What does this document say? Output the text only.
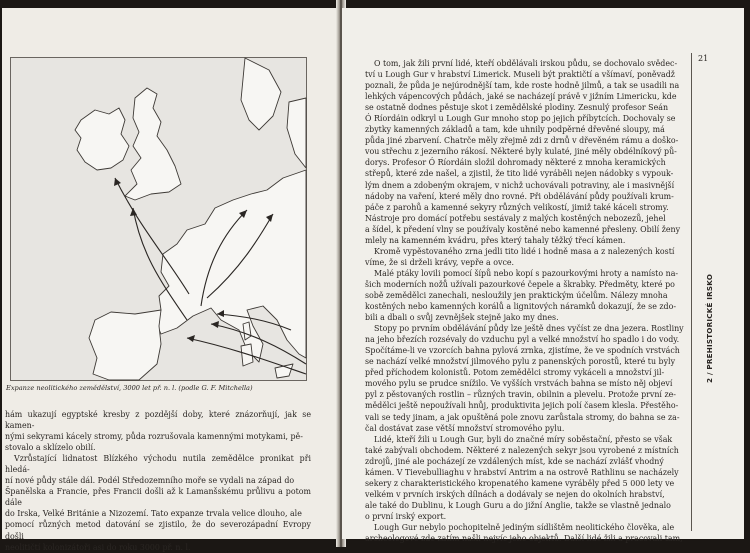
Expanze neolitického zemědělství, 3000 let př. n. l. (podle G. F. Mitchella)

hám ukazují egyptské kresby z pozdější doby, které znázorňují, jak se kamen-

nými sekyrami kácely stromy, půda rozrušovala kamennými motykami, pě-

stovalo a sklízelo obilí.

Vzrůstající lidnatost Blízkého východu nutila zemědělce pronikat při hledá-

ní nové půdy stále dál. Podél Středozemního moře se vydali na západ do

Španělska a Francie, přes Francii došli až k Lamanšskému průlivu a potom dále

do Irska, Velké Británie a Nizozemí. Tato expanze trvala velice dlouho, ale

pomocí různých metod datování se zjistilo, že do severozápadní Evropy došli

neolitičtí kolonizátoři asi do roku 3000 př. n. l.

O tom, jak žili první lidé, kteří obdělávali irskou půdu, se dochovalo svědec-

tví u Lough Gur v hrabství Limerick. Museli být praktičtí a všímaví, poněvadž

poznali, že půda je nejúrodnější tam, kde roste hodně jilmů, a tak se usadili na

lehkých vápencových půdách, jaké se nacházejí právě v jižním Limericku, kde

se ostatně dodnes pěstuje skot i zemědělské plodiny. Zesnulý profesor Seán

Ó Ríordáin odkryl u Lough Gur mnoho stop po jejich příbytcích. Dochovaly se

zbytky kamenných základů a tam, kde uhnily podpěrné dřevěné sloupy, má

půda jiné zbarvení. Chatrče měly zřejmě zdi z drnů v dřevěném rámu a doško-

vou střechu z jezerního rákosí. Některé byly kulaté, jiné měly obdélníkový pů-

dorys. Profesor Ó Ríordáin složil dohromady některé z mnoha keramických

střepů, které zde našel, a zjistil, že tito lidé vyráběli nejen nádobky s vypouk-

lým dnem a zdobeným okrajem, v nichž uchovávali potraviny, ale i masivnější

nádoby na vaření, které měly dno rovné. Při obdělávání půdy používali krum-

páče z parohů a kamenné sekyry různých velikostí, jimiž také káceli stromy.

Nástroje pro domácí potřebu sestávaly z malých kostěných nebozezů, jehel

a šídel, k předení vlny se používaly kostěné nebo kamenné přesleny. Obilí ženy

mlely na kamenném kvádru, přes který tahaly těžký třecí kámen.

Kromě vypěstovaného zrna jedli tito lidé i hodně masa a z nalezených kostí

víme, že si drželi krávy, vepře a ovce.

Malé ptáky lovili pomocí šípů nebo kopí s pazourkovými hroty a namísto na-

šich moderních nožů užívali pazourkové čepele a škrabky. Předměty, které po

sobě zemědělci zanechali, nesloužily jen praktickým účelům. Nálezy mnoha

kostěných nebo kamenných korálů a lignitových náramků dokazují, že se zdo-

bili a dbali o svůj zevnějšek stejně jako my dnes.

Stopy po prvním obdělávání půdy lze ještě dnes vyčíst ze dna jezera. Rostliny

na jeho březích rozsévaly do vzduchu pyl a velké množství ho spadlo i do vody.

Spočítáme-li ve vzorcích bahna pylová zrnka, zjistíme, že ve spodních vrstvách

se nachází velké množství jilmového pylu z panenských porostů, které tu byly

před příchodem kolonistů. Potom zemědělci stromy vykáceli a množství jil-

mového pylu se prudce snížilo. Ve vyšších vrstvách bahna se místo něj objeví

pyl z pěstovaných rostlin – různých travin, obilnin a plevelu. Protože první ze-

mědělci ještě nepoužívali hnůj, produktivita jejich polí časem klesla. Přestěho-

vali se tedy jinam, a jak opuštěná pole znovu zarůstala stromy, do bahna se za-

čal dostávat zase větší množství stromového pylu.

Lidé, kteří žili u Lough Gur, byli do značné míry soběstační, přesto se však

také zabývali obchodem. Některé z nalezených sekyr jsou vyrobené z místních

zdrojů, jiné ale pocházejí ze vzdálených míst, kde se nachází zvlášť vhodný

kámen. V Tievebulliaghu v hrabství Antrim a na ostrově Rathlinu se nacházely

sekery z charakteristického kropenatého kamene vyráběly před 5 000 lety ve

velkém v prvních irských dílnách a dodávaly se nejen do okolních hrabství,

ale také do Dublinu, k Lough Guru a do jižní Anglie, takže se vlastně jednalo

o první irský export.

Lough Gur nebylo pochopitelně jediným sídlištěm neolitického člověka, ale

archeologové zde zatím našli nejvíc jeho objektů. Další lidé žili a pracovali tam,

21
2 / PREHISTORICKÉ IRSKO
